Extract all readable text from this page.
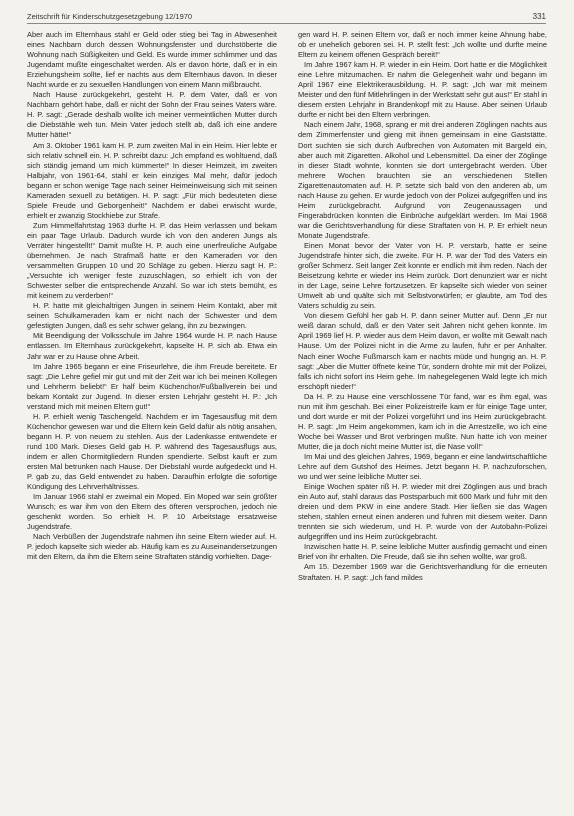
Zeitschrift für Kinderschutzgesetzgebung 12/1970	331

Aber auch im Elternhaus stahl er Geld oder stieg bei Tag in Abwesenheit eines Nachbarn durch dessen Wohnungsfenster und durchstöberte die Wohnung nach Süßigkeiten und Geld. Es wurde immer schlimmer und das Jugendamt mußte eingeschaltet werden. Als er davon hörte, daß er in ein Erziehungsheim sollte, lief er nachts aus dem Elternhaus davon. In dieser Nacht wurde er zu sexuellen Handlungen von einem Mann mißbraucht.

Nach Hause zurückgekehrt, gesteht H. P. dem Vater, daß er von Nachbarn gehört habe, daß er nicht der Sohn der Frau seines Vaters wäre. H. P. sagt: „Gerade deshalb wollte ich meiner vermeintlichen Mutter durch die Diebstähle weh tun. Mein Vater jedoch stellt ab, daß ich eine andere Mutter hätte!“

Am 3. Oktober 1961 kam H. P. zum zweiten Mal in ein Heim. Hier lebte er sich relativ schnell ein. H. P. schreibt dazu: „Ich empfand es wohltuend, daß sich ständig jemand um mich kümmerte!“ In dieser Heimzeit, im zweiten Halbjahr, von 1961-64, stahl er kein einziges Mal mehr, dafür jedoch begann er schon wenige Tage nach seiner Heimeinweisung sich mit seinen Kameraden sexuell zu betätigen. H. P. sagt: „Für mich bedeuteten diese Spiele Freude und Geborgenheit!“ Nachdem er dabei erwischt wurde, erhielt er zwanzig Stockhiebe zur Strafe.

Zum Himmelfahrtstag 1963 durfte H. P. das Heim verlassen und bekam ein paar Tage Urlaub. Dadurch wurde ich von den anderen Jungs als Verräter hingestellt!“ Damit mußte H. P. auch eine unerfreuliche Aufgabe übernehmen. Je nach Strafmaß hatte er den Kameraden vor den versammelten Gruppen 10 und 20 Schläge zu geben. Hierzu sagt H. P.: „Versuchte ich weniger feste zuzuschlagen, so erhielt ich von der Schwester selber die entsprechende Anzahl. So war ich stets bemüht, es mit keinem zu verderben!“

H. P. hatte mit gleichaltrigen Jungen in seinem Heim Kontakt, aber mit seinen Schulkameraden kam er nicht nach der Schwester und dem gefestigten Jungen, daß es sehr schwer gelang, ihn zu bezwingen.

Mit Beendigung der Volksschule im Jahre 1964 wurde H. P. nach Hause entlassen. Im Elternhaus zurückgekehrt, kapselte H. P. sich ab. Etwa ein Jahr war er zu Hause ohne Arbeit.

Im Jahre 1965 begann er eine Friseurlehre, die ihm Freude bereitete. Er sagt: „Die Lehre gefiel mir gut und mit der Zeit war ich bei meinen Kollegen und Lehrherrn beliebt!“ Er half beim Küchenchor/Fußballverein bei und bekam Kontakt zur Jugend. In dieser ersten Lehrjahr gesteht H. P.: „Ich verstand mich mit meinen Eltern gut!“

H. P. erhielt wenig Taschengeld. Nachdem er im Tagesausflug mit dem Küchenchor gewesen war und die Eltern kein Geld dafür als nötig ansahen, begann H. P. von neuem zu stehlen. Aus der Ladenkasse entwendete er rund 100 Mark. Dieses Geld gab H. P. während des Tagesausflugs aus, indem er allen Chormitgliedern Runden spendierte. Selbst kauft er zum ersten Mal betrunken nach Hause. Der Diebstahl wurde aufgedeckt und H. P. gab zu, das Geld entwendet zu haben. Daraufhin erfolgte die sofortige Kündigung des Lehrverhältnisses.

Im Januar 1966 stahl er zweimal ein Moped. Ein Moped war sein größter Wunsch; es war ihm von den Eltern des öfteren versprochen, jedoch nie geschenkt worden. So erhielt H. P. 10 Arbeitstage ersatzweise Jugendstrafe.

Nach Verbüßen der Jugendstrafe nahmen ihn seine Eltern wieder auf. H. P. jedoch kapselte sich wieder ab. Häufig kam es zu Auseinandersetzungen mit den Eltern, da ihm die Eltern seine Straftaten ständig vorhielten. Dage-

gen ward H. P. seinen Eltern vor, daß er noch immer keine Ahnung habe, ob er unehelich geboren sei. H. P. stellt fest: „Ich wollte und durfte meine Eltern zu keinem offenen Gespräch bereit!“

Im Jahre 1967 kam H. P. wieder in ein Heim. Dort hatte er die Möglichkeit eine Lehre mitzumachen. Er nahm die Gelegenheit wahr und begann im April 1967 eine Elektrikerausbildung. H. P. sagt: „Ich war mit meinem Meister und den fünf Mitlehrlingen in der Werkstatt sehr gut aus!“ Er stahl in diesem ersten Lehrjahr in Brandenkopf mit zu Hause. Aber seinen Urlaub durfte er nicht bei den Eltern verbringen.

Nach einem Jahr, 1968, sprang er mit drei anderen Zöglingen nachts aus dem Zimmerfenster und gieng mit ihnen gemeinsam in eine Gaststätte. Dort suchten sie sich durch Aufbrechen von Automaten mit Bargeld ein, aber auch mit Zigaretten. Alkohol und Lebensmittel. Da einer der Zöglinge in dieser Stadt wohnte, konnten sie dort untergebracht werden. Über mehrere Wochen brauchten sie an verschiedenen Stellen Zigarettenautomaten auf. H. P. setzte sich bald von den anderen ab, um nach Hause zu gehen. Er wurde jedoch von der Polizei aufgegriffen und ins Heim zurückgebracht. Aufgrund von Zeugenaussagen und Fingerabdrücken konnten die Einbrüche aufgeklärt werden. Im Mai 1968 war die Gerichtsverhandlung für diese Straftaten von H. P. Er erhielt neun Monate Jugendstrafe.

Einen Monat bevor der Vater von H. P. verstarb, hatte er seine Jugendstrafe hinter sich, die zweite. Für H. P. war der Tod des Vaters ein großer Schmerz. Seit langer Zeit konnte er endlich mit ihm reden. Nach der Beisetzung kehrte er wieder ins Heim zurück. Dort denunziert war er nicht in der Lage, seine Lehre fortzusetzen. Er kapselte sich wieder von seiner Umwelt ab und quälte sich mit Selbstvorwürfen; er glaubte, am Tod des Vaters schuldig zu sein.

Von diesem Gefühl her gab H. P. dann seiner Mutter auf. Denn „Er nur weiß daran schuld, daß er den Vater seit Jahren nicht gehen konnte. Im April 1969 lief H. P. wieder aus dem Heim davon, er wollte mit Gewalt nach Hause. Um der Polizei nicht in die Arme zu laufen, fuhr er per Anhalter. Nach einer Woche Fußmarsch kam er nachts müde und hungrig an. H. P. sagt: „Aber die Mutter öffnete keine Tür, sondern drohte mir mit der Polizei, falls ich nicht sofort ins Heim gehe. Im nahegelegenen Wald legte ich mich erschöpft nieder!“

Da H. P. zu Hause eine verschlossene Tür fand, war es ihm egal, was nun mit ihm geschah. Bei einer Polizeistreife kam er für einige Tage unter, und dort wurde er mit der Polizei vorgeführt und ins Heim zurückgebracht. H. P. sagt: „Im Heim angekommen, kam ich in die Arrestzelle, wo ich eine Woche bei Wasser und Brot verbringen mußte. Nun hatte ich von meiner Mutter, die ja doch nicht meine Mutter ist, die Nase voll!“

Im Mai und des gleichen Jahres, 1969, begann er eine landwirtschaftliche Lehre auf dem Gutshof des Heimes. Jetzt begann H. P. nachzuforschen, wo und wer seine leibliche Mutter sei.

Einige Wochen später riß H. P. wieder mit drei Zöglingen aus und brach ein Auto auf, stahl daraus das Postsparbuch mit 600 Mark und fuhr mit den dreien und dem PKW in eine andere Stadt. Hier ließen sie das Wagen stehen, stahlen erneut einen anderen und fuhren mit diesem weiter. Dann trennten sie sich wiederum, und H. P. wurde von der Autobahn-Polizei aufgegriffen und ins Heim zurückgebracht.

Inzwischen hatte H. P. seine leibliche Mutter ausfindig gemacht und einen Brief von ihr erhalten. Die Freude, daß sie ihn sehen wollte, war groß.

Am 15. Dezember 1969 war die Gerichtsverhandlung für die erneuten Straftaten. H. P. sagt: „Ich fand mildes
